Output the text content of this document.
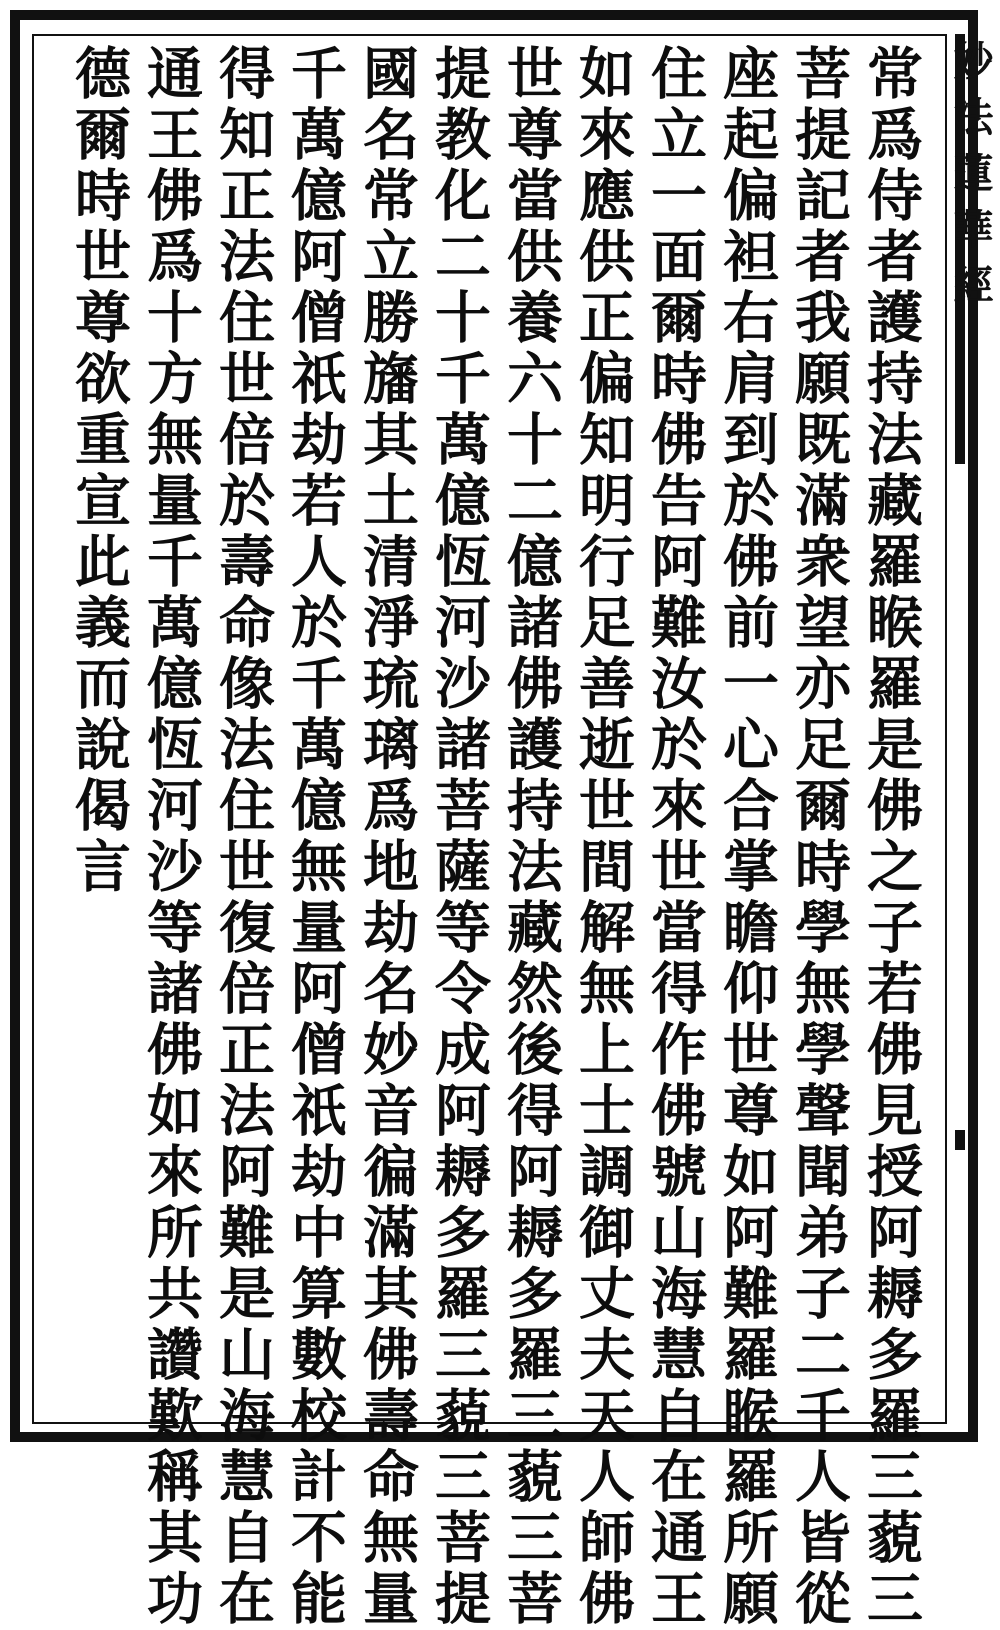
妙法蓮華經
常爲侍者護持法藏羅睺羅是佛之子若佛見授阿耨多羅三藐三
菩提記者我願既滿衆望亦足爾時學無學聲聞弟子二千人皆從
座起偏袒右肩到於佛前一心合掌瞻仰世尊如阿難羅睺羅所願
住立一面爾時佛告阿難汝於來世當得作佛號山海慧自在通王
如來應供正偏知明行足善逝世間解無上士調御丈夫天人師佛
世尊當供養六十二億諸佛護持法藏然後得阿耨多羅三藐三菩
提教化二十千萬億恆河沙諸菩薩等令成阿耨多羅三藐三菩提
國名常立勝旛其土清淨琉璃爲地劫名妙音徧滿其佛壽命無量
千萬億阿僧祇劫若人於千萬億無量阿僧祇劫中算數校計不能
得知正法住世倍於壽命像法住世復倍正法阿難是山海慧自在
通王佛爲十方無量千萬億恆河沙等諸佛如來所共讚歎稱其功
德爾時世尊欲重宣此義而說偈言
